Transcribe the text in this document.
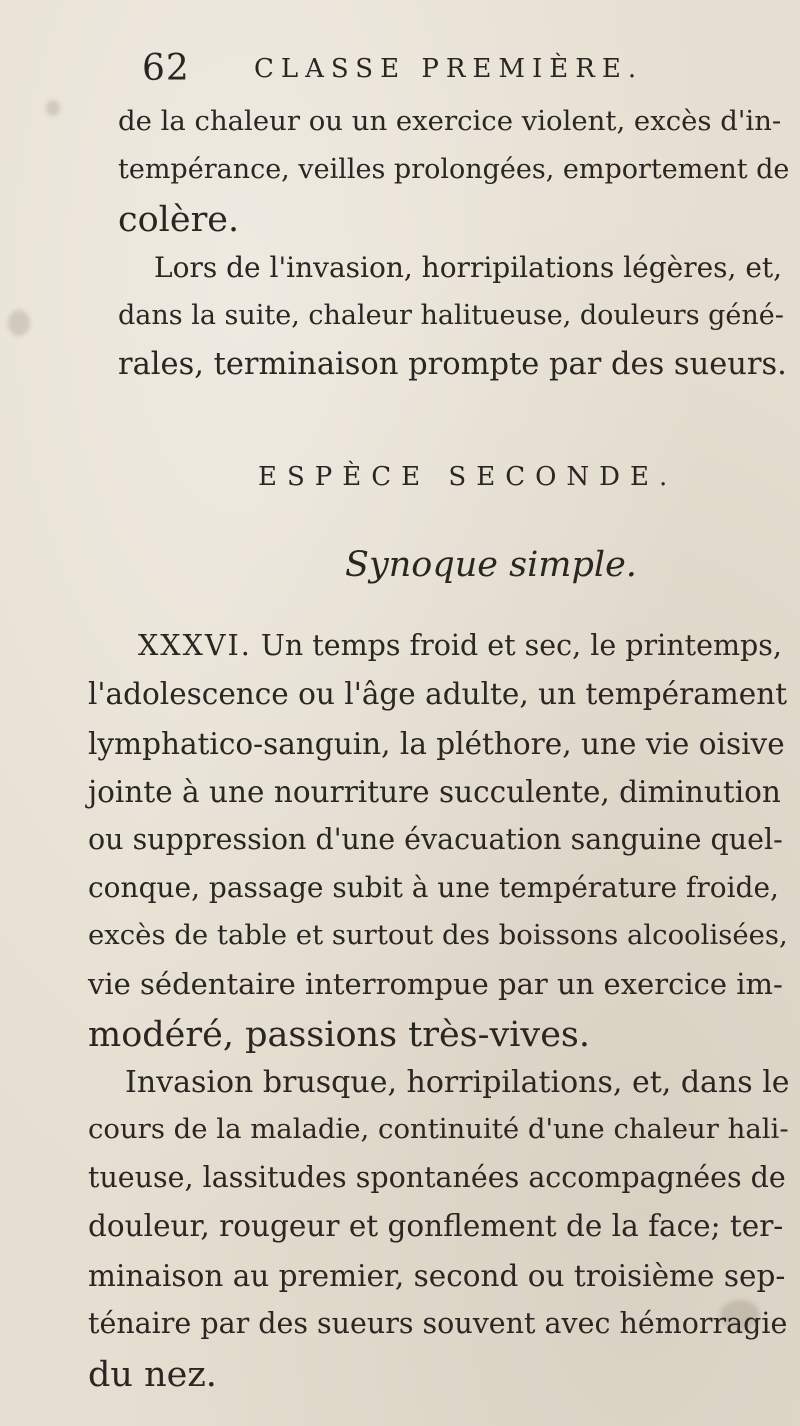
62 CLASSE PREMIÈRE.
de la chaleur ou un exercice violent, excès d'in-
tempérance, veilles prolongées, emportement de
colère.
Lors de l'invasion, horripilations légères, et,
dans la suite, chaleur halitueuse, douleurs géné-
rales, terminaison prompte par des sueurs.
ESPÈCE SECONDE.
Synoque simple.
XXXVI. Un temps froid et sec, le printemps,
l'adolescence ou l'âge adulte, un tempérament
lymphatico-sanguin, la pléthore, une vie oisive
jointe à une nourriture succulente, diminution
ou suppression d'une évacuation sanguine quel-
conque, passage subit à une température froide,
excès de table et surtout des boissons alcoolisées,
vie sédentaire interrompue par un exercice im-
modéré, passions très-vives.
Invasion brusque, horripilations, et, dans le
cours de la maladie, continuité d'une chaleur hali-
tueuse, lassitudes spontanées accompagnées de
douleur, rougeur et gonflement de la face; ter-
minaison au premier, second ou troisième sep-
ténaire par des sueurs souvent avec hémorragie
du nez.
